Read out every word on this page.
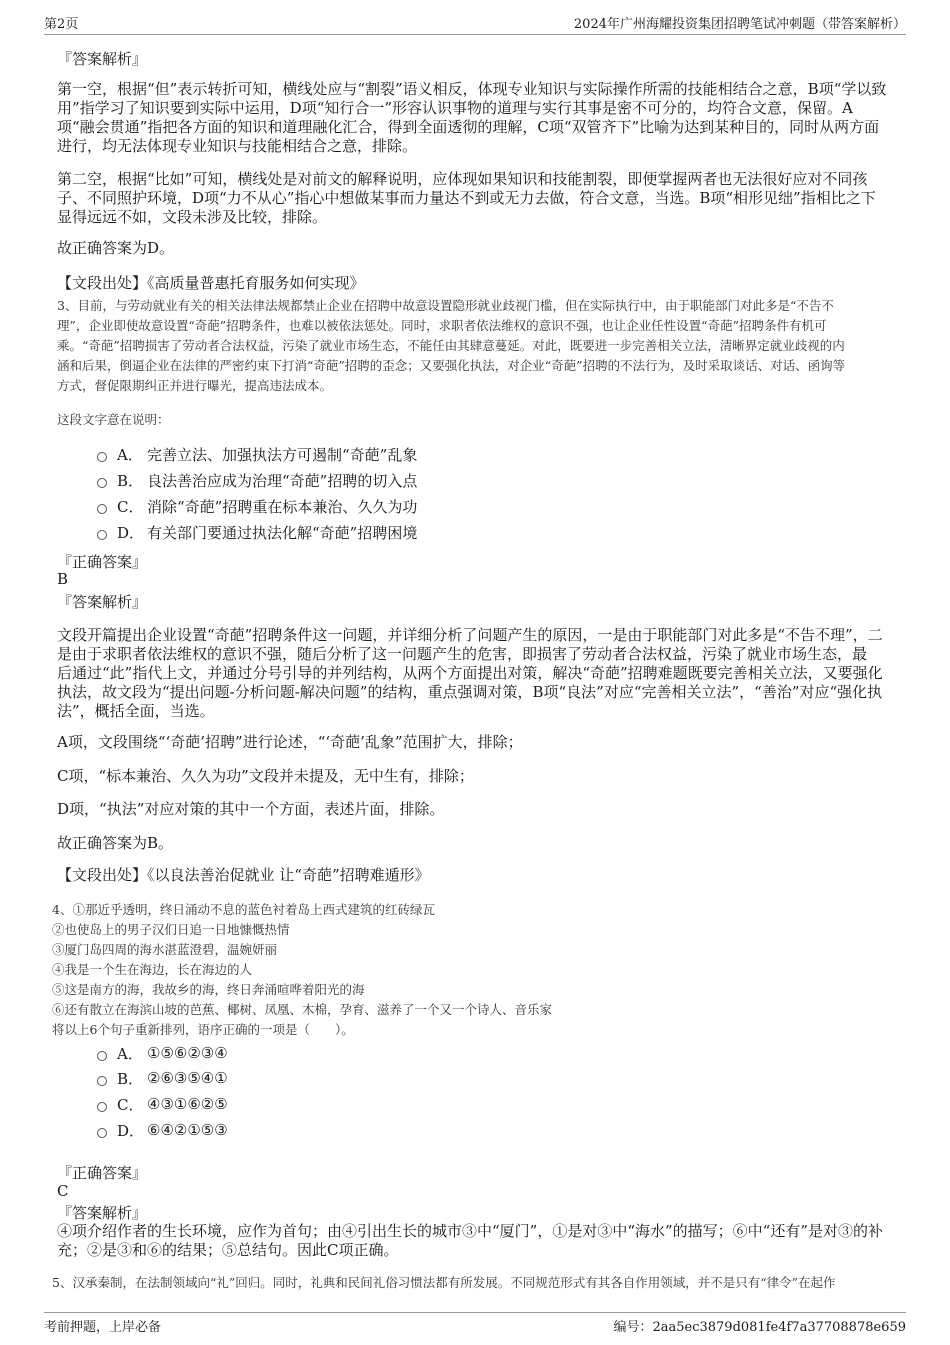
第2页	2024年广州海耀投资集团招聘笔试冲刺题（带答案解析）
『答案解析』
第一空，根据“但”表示转折可知，横线处应与“割裂”语义相反，体现专业知识与实际操作所需的技能相结合之意，B项“学以致
用”指学习了知识要到实际中运用，D项“知行合一”形容认识事物的道理与实行其事是密不可分的，均符合文意，保留。A
项“融会贯通”指把各方面的知识和道理融化汇合，得到全面透彻的理解，C项“双管齐下”比喻为达到某种目的，同时从两方面
进行，均无法体现专业知识与技能相结合之意，排除。
第二空，根据“比如”可知，横线处是对前文的解释说明，应体现如果知识和技能割裂，即便掌握两者也无法很好应对不同孩
子、不同照护环境，D项“力不从心”指心中想做某事而力量达不到或无力去做，符合文意，当选。B项“相形见绌”指相比之下
显得远远不如，文段未涉及比较，排除。
故正确答案为D。
【文段出处】《高质量普惠托育服务如何实现》
3、目前，与劳动就业有关的相关法律法规都禁止企业在招聘中故意设置隐形就业歧视门槛，但在实际执行中，由于职能部门对此多是“不告不
理”，企业即使故意设置“奇葩”招聘条件，也难以被依法惩处。同时，求职者依法维权的意识不强，也让企业任性设置“奇葩”招聘条件有机可
乘。“奇葩”招聘损害了劳动者合法权益，污染了就业市场生态，不能任由其肆意蔓延。对此，既要进一步完善相关立法，清晰界定就业歧视的内
涵和后果，倒逼企业在法律的严密约束下打消“奇葩”招聘的歪念；又要强化执法，对企业“奇葩”招聘的不法行为，及时采取谈话、对话、函询等
方式，督促限期纠正并进行曝光，提高违法成本。
这段文字意在说明：
A． 完善立法、加强执法方可遏制“奇葩”乱象
B． 良法善治应成为治理“奇葩”招聘的切入点
C． 消除“奇葩”招聘重在标本兼治、久久为功
D． 有关部门要通过执法化解“奇葩”招聘困境
『正确答案』
B
『答案解析』
文段开篇提出企业设置“奇葩”招聘条件这一问题，并详细分析了问题产生的原因，一是由于职能部门对此多是“不告不理”，二
是由于求职者依法维权的意识不强，随后分析了这一问题产生的危害，即损害了劳动者合法权益，污染了就业市场生态，最
后通过“此”指代上文，并通过分号引导的并列结构，从两个方面提出对策，解决“奇葩”招聘难题既要完善相关立法，又要强化
执法，故文段为“提出问题-分析问题-解决问题”的结构，重点强调对策，B项“良法”对应“完善相关立法”，“善治”对应“强化执
法”，概括全面，当选。
A项，文段围绕“‘奇葩’招聘”进行论述，“‘奇葩’乱象”范围扩大，排除；
C项，“标本兼治、久久为功”文段并未提及，无中生有，排除；
D项，“执法”对应对策的其中一个方面，表述片面，排除。
故正确答案为B。
【文段出处】《以良法善治促就业 让“奇葩”招聘难遁形》
4、①那近乎透明，终日涌动不息的蓝色衬着岛上西式建筑的红砖绿瓦
②也使岛上的男子汉们日追一日地慷慨热情
③厦门岛四周的海水湛蓝澄碧，温婉妍丽
④我是一个生在海边，长在海边的人
⑤这是南方的海，我故乡的海，终日奔涌喧哗着阳光的海
⑥还有散立在海滨山坡的芭蕉、椰树、凤凰、木棉，孕育、滋养了一个又一个诗人、音乐家
将以上6个句子重新排列，语序正确的一项是（　　）。
A． ①⑤⑥②③④
B． ②⑥③⑤④①
C． ④③①⑥②⑤
D． ⑥④②①⑤③
『正确答案』
C
『答案解析』
④项介绍作者的生长环境，应作为首句；由④引出生长的城市③中“厦门”，①是对③中“海水”的描写；⑥中“还有”是对③的补
充；②是③和⑥的结果；⑤总结句。因此C项正确。
5、汉承秦制，在法制领域向“礼”回归。同时，礼典和民间礼俗习惯法都有所发展。不同规范形式有其各自作用领域，并不是只有“律令”在起作
考前押题，上岸必备	编号：2aa5ec3879d081fe4f7a37708878e659
